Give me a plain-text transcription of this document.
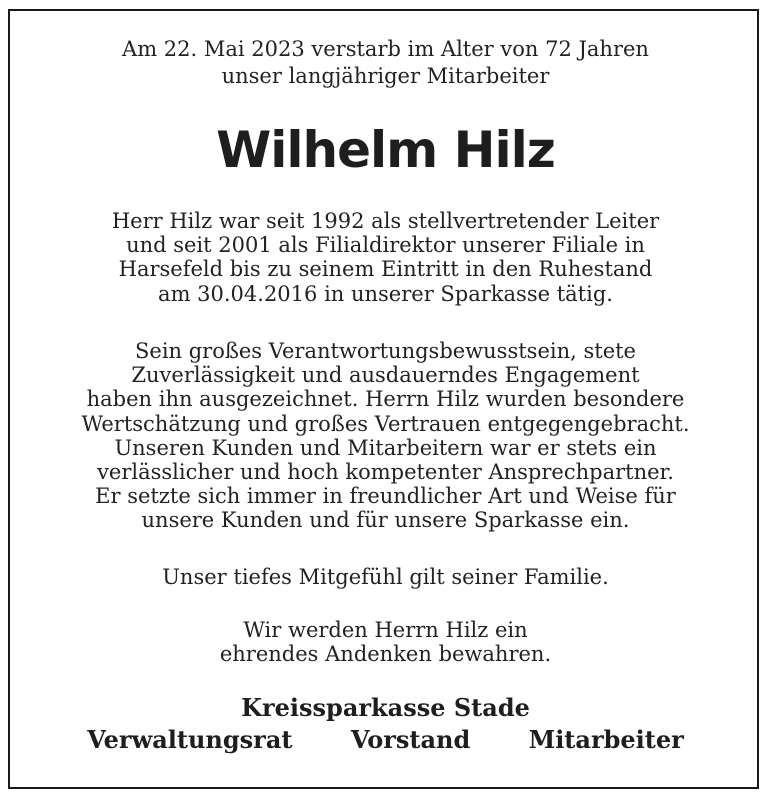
Am 22. Mai 2023 verstarb im Alter von 72 Jahren
unser langjähriger Mitarbeiter
Wilhelm Hilz
Herr Hilz war seit 1992 als stellvertretender Leiter
und seit 2001 als Filialdirektor unserer Filiale in
Harsefeld bis zu seinem Eintritt in den Ruhestand
am 30.04.2016 in unserer Sparkasse tätig.
Sein großes Verantwortungsbewusstsein, stete
Zuverlässigkeit und ausdauerndes Engagement
haben ihn ausgezeichnet. Herrn Hilz wurden besondere
Wertschätzung und großes Vertrauen entgegengebracht.
Unseren Kunden und Mitarbeitern war er stets ein
verlässlicher und hoch kompetenter Ansprechpartner.
Er setzte sich immer in freundlicher Art und Weise für
unsere Kunden und für unsere Sparkasse ein.
Unser tiefes Mitgefühl gilt seiner Familie.
Wir werden Herrn Hilz ein
ehrendes Andenken bewahren.
Kreissparkasse Stade
Verwaltungsrat Vorstand Mitarbeiter
